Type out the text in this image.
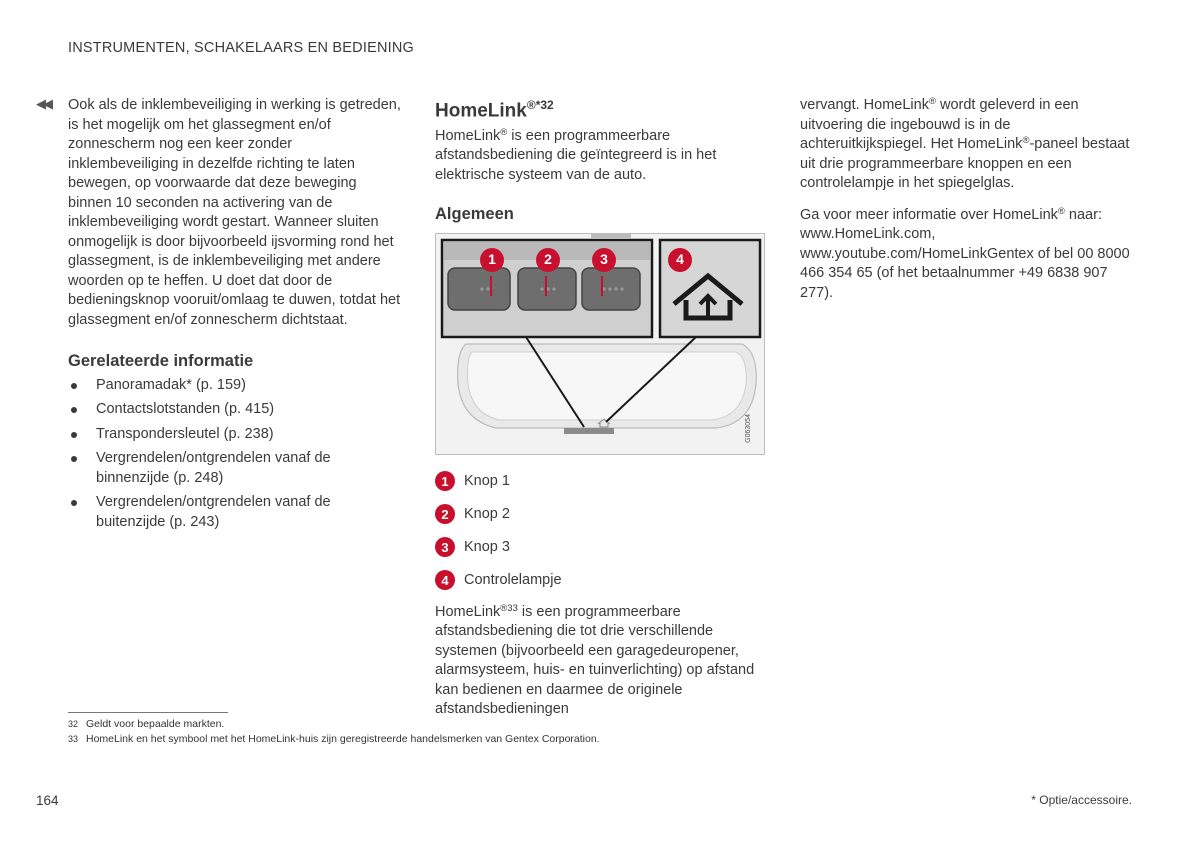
INSTRUMENTEN, SCHAKELAARS EN BEDIENING
◀◀ Ook als de inklembeveiliging in werking is getreden, is het mogelijk om het glassegment en/of zonnescherm nog een keer zonder inklembeveiliging in dezelfde richting te laten bewegen, op voorwaarde dat deze beweging binnen 10 seconden na activering van de inklembeveiliging wordt gestart. Wanneer sluiten onmogelijk is door bijvoorbeeld ijsvorming rond het glassegment, is de inklembeveiliging met andere woorden op te heffen. U doet dat door de bedieningsknop vooruit/omlaag te duwen, totdat het glassegment en/of zonnescherm dichtstaat.

Gerelateerde informatie
Panoramadak* (p. 159)
Contactslotstanden (p. 415)
Transpondersleutel (p. 238)
Vergrendelen/ontgrendelen vanaf de binnenzijde (p. 248)
Vergrendelen/ontgrendelen vanaf de buitenzijde (p. 243)
HomeLink$^{®*32}$

HomeLink® is een programmeerbare afstandsbediening die geïntegreerd is in het elektrische systeem van de auto.

Algemeen
1	2	3	4
G063054
1	Knop 1
2	Knop 2
3	Knop 3
4	Controlelampje

HomeLink$^{®33}$ is een programmeerbare afstandsbediening die tot drie verschillende systemen (bijvoorbeeld een garagedeuropener, alarmsysteem, huis- en tuinverlichting) op afstand kan bedienen en daarmee de originele afstandsbedieningen

vervangt. HomeLink® wordt geleverd in een uitvoering die ingebouwd is in de achteruitkijkspiegel. Het HomeLink®-paneel bestaat uit drie programmeerbare knoppen en een controlelampje in het spiegelglas.

Ga voor meer informatie over HomeLink® naar: www.HomeLink.com, www.youtube.com/HomeLinkGentex of bel 00 8000 466 354 65 (of het betaalnummer +49 6838 907 277).

32 Geldt voor bepaalde markten.
33 HomeLink en het symbool met het HomeLink-huis zijn geregistreerde handelsmerken van Gentex Corporation.
164	* Optie/accessoire.
